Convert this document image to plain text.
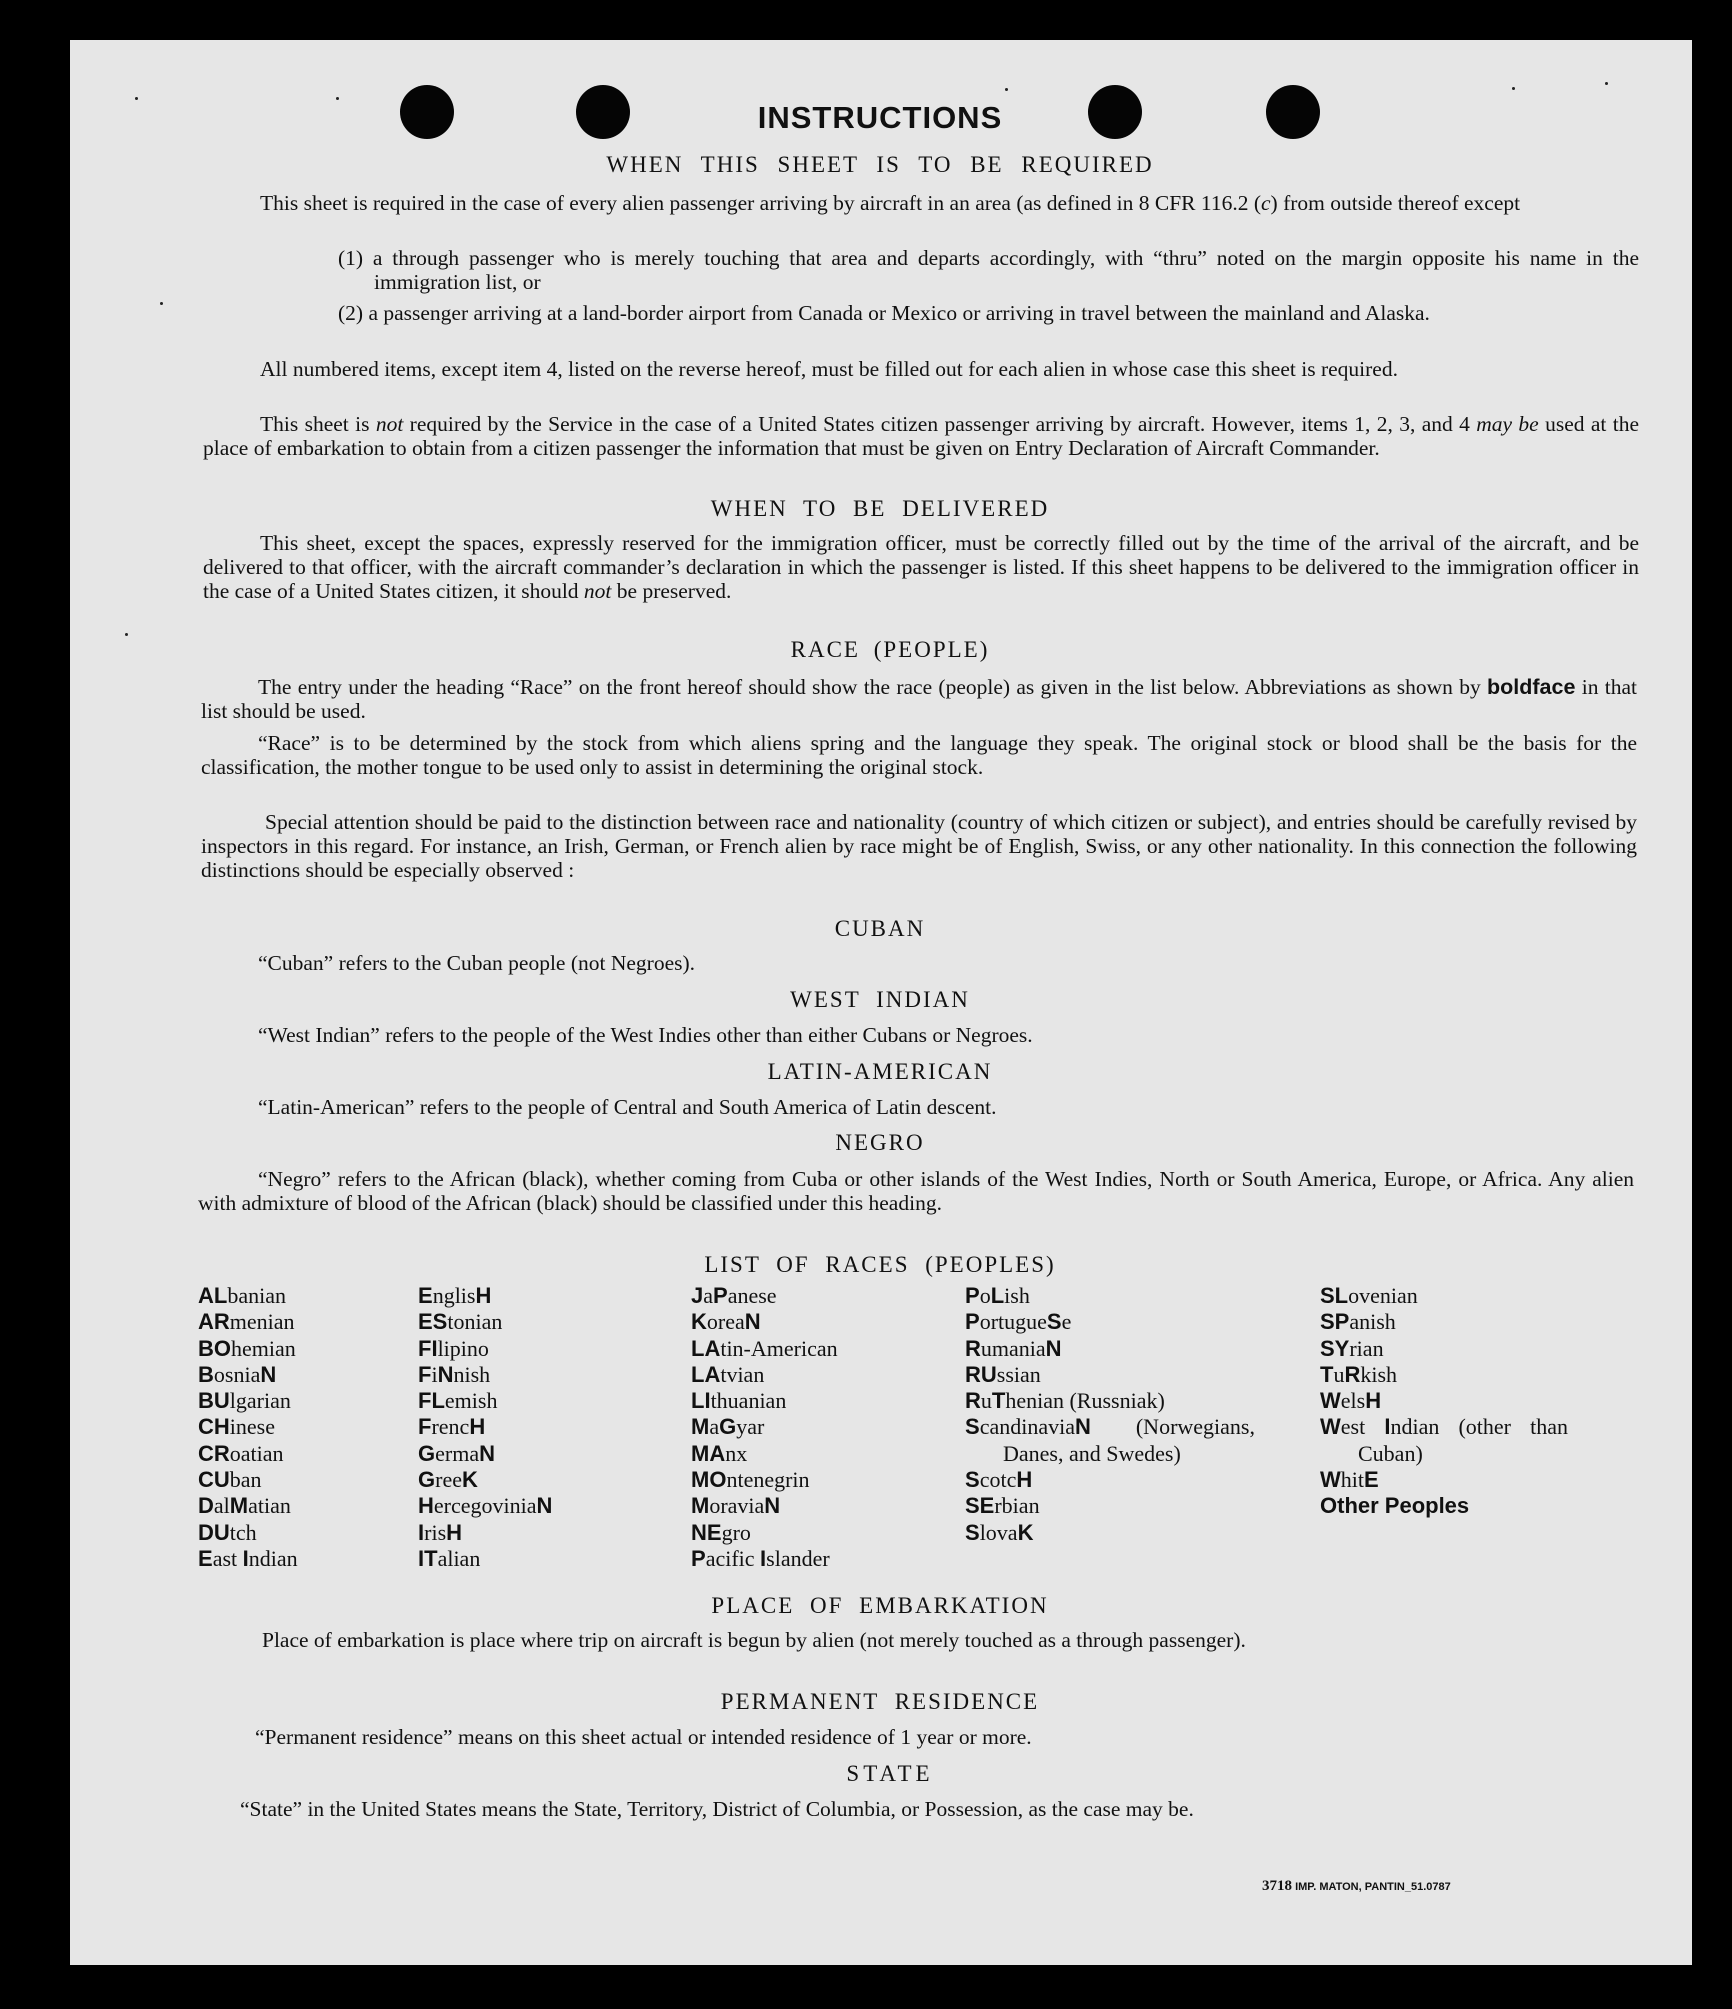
INSTRUCTIONS
WHEN THIS SHEET IS TO BE REQUIRED

This sheet is required in the case of every alien passenger arriving by aircraft in an area (as defined in 8 CFR 116.2 (c) from outside thereof except

(1) a through passenger who is merely touching that area and departs accordingly, with “thru” noted on the margin opposite his name in the immigration list, or

(2) a passenger arriving at a land-border airport from Canada or Mexico or arriving in travel between the mainland and Alaska.

All numbered items, except item 4, listed on the reverse hereof, must be filled out for each alien in whose case this sheet is required.

This sheet is not required by the Service in the case of a United States citizen passenger arriving by aircraft. However, items 1, 2, 3, and 4 may be used at the place of embarkation to obtain from a citizen passenger the information that must be given on Entry Declaration of Aircraft Commander.

WHEN TO BE DELIVERED

This sheet, except the spaces, expressly reserved for the immigration officer, must be correctly filled out by the time of the arrival of the aircraft, and be delivered to that officer, with the aircraft commander’s declaration in which the passenger is listed. If this sheet happens to be delivered to the immigration officer in the case of a United States citizen, it should not be preserved.

RACE (PEOPLE)

The entry under the heading “Race” on the front hereof should show the race (people) as given in the list below. Abbreviations as shown by boldface in that list should be used.

“Race” is to be determined by the stock from which aliens spring and the language they speak. The original stock or blood shall be the basis for the classification, the mother tongue to be used only to assist in determining the original stock.

Special attention should be paid to the distinction between race and nationality (country of which citizen or subject), and entries should be carefully revised by inspectors in this regard. For instance, an Irish, German, or French alien by race might be of English, Swiss, or any other nationality. In this connection the following distinctions should be especially observed :

CUBAN

“Cuban” refers to the Cuban people (not Negroes).

WEST INDIAN

“West Indian” refers to the people of the West Indies other than either Cubans or Negroes.

LATIN-AMERICAN

“Latin-American” refers to the people of Central and South America of Latin descent.

NEGRO

“Negro” refers to the African (black), whether coming from Cuba or other islands of the West Indies, North or South America, Europe, or Africa. Any alien with admixture of blood of the African (black) should be classified under this heading.

LIST OF RACES (PEOPLES)
ALbanian
ARmenian
BOhemian
BosniaN
BUlgarian
CHinese
CRoatian
CUban
DalMatian
DUtch
East Indian
EnglisH
EStonian
FIlipino
FiNnish
FLemish
FrencH
GermaN
GreeK
HercegoviniaN
IrisH
ITalian
JaPanese
KoreaN
LAtin-American
LAtvian
LIthuanian
MaGyar
MAnx
MOntenegrin
MoraviaN
NEgro
Pacific Islander
PoLish
PortugueSe
RumaniaN
RUssian
RuThenian (Russniak)
ScandinaviaN (Norwegians, Danes, and Swedes)
ScotcH
SErbian
SlovaK
SLovenian
SPanish
SYrian
TuRkish
WelsH
West Indian (other than Cuban)
WhitE
Other Peoples
PLACE OF EMBARKATION

Place of embarkation is place where trip on aircraft is begun by alien (not merely touched as a through passenger).

PERMANENT RESIDENCE

“Permanent residence” means on this sheet actual or intended residence of 1 year or more.

STATE

“State” in the United States means the State, Territory, District of Columbia, or Possession, as the case may be.

3718 IMP. MATON, PANTIN_51.0787
